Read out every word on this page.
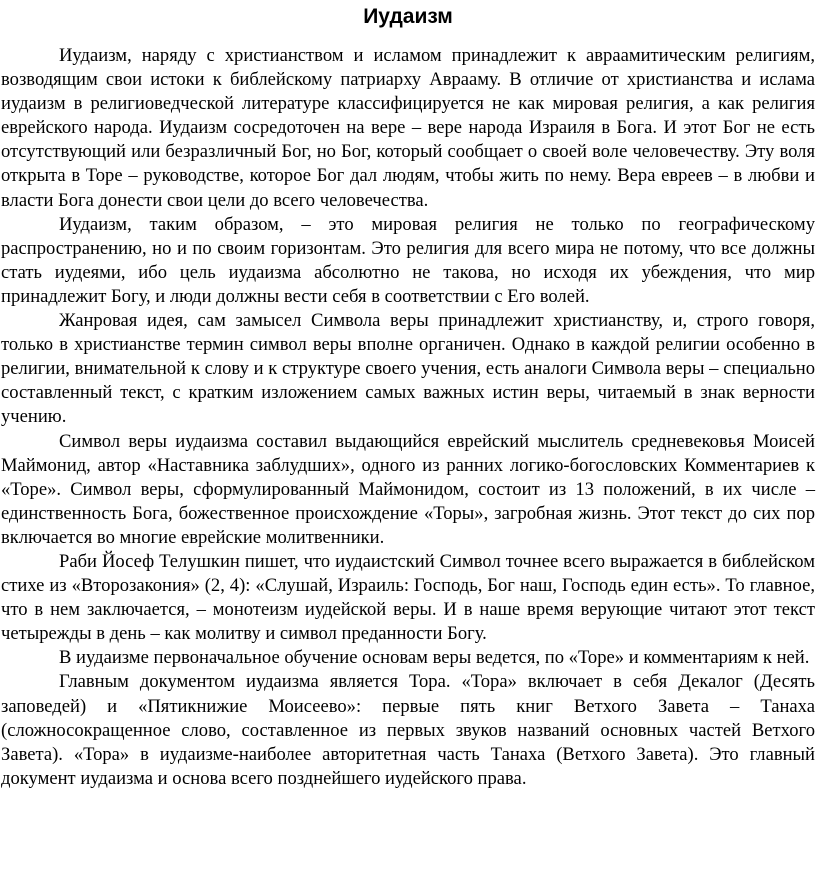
Иудаизм

Иудаизм, наряду с христианством и исламом принадлежит к авраамитическим религиям, возводящим свои истоки к библейскому патриарху Аврааму. В отличие от христианства и ислама иудаизм в религиоведческой литературе классифицируется не как мировая религия, а как религия еврейского народа. Иудаизм сосредоточен на вере – вере народа Израиля в Бога. И этот Бог не есть отсутствующий или безразличный Бог, но Бог, который сообщает о своей воле человечеству. Эту воля открыта в Торе – руководстве, которое Бог дал людям, чтобы жить по нему. Вера евреев – в любви и власти Бога донести свои цели до всего человечества.

Иудаизм, таким образом, – это мировая религия не только по географическому распространению, но и по своим горизонтам. Это религия для всего мира не потому, что все должны стать иудеями, ибо цель иудаизма абсолютно не такова, но исходя их убеждения, что мир принадлежит Богу, и люди должны вести себя в соответствии с Его волей.

Жанровая идея, сам замысел Символа веры принадлежит христианству, и, строго говоря, только в христианстве термин символ веры вполне органичен. Однако в каждой религии особенно в религии, внимательной к слову и к структуре своего учения, есть аналоги Символа веры – специально составленный текст, с кратким изложением самых важных истин веры, читаемый в знак верности учению.

Символ веры иудаизма составил выдающийся еврейский мыслитель средневековья Моисей Маймонид, автор «Наставника заблудших», одного из ранних логико-богословских Комментариев к «Торе». Символ веры, сформулированный Маймонидом, состоит из 13 положений, в их числе – единственность Бога, божественное происхождение «Торы», загробная жизнь. Этот текст до сих пор включается во многие еврейские молитвенники.

Раби Йосеф Телушкин пишет, что иудаистский Символ точнее всего выражается в библейском стихе из «Второзакония» (2, 4): «Слушай, Израиль: Господь, Бог наш, Господь един есть». То главное, что в нем заключается, – монотеизм иудейской веры. И в наше время верующие читают этот текст четырежды в день – как молитву и символ преданности Богу.

В иудаизме первоначальное обучение основам веры ведется, по «Торе» и комментариям к ней.

Главным документом иудаизма является Тора. «Тора» включает в себя Декалог (Десять заповедей) и «Пятикнижие Моисеево»: первые пять книг Ветхого Завета – Танаха (сложносокращенное слово, составленное из первых звуков названий основных частей Ветхого Завета). «Тора» в иудаизме-наиболее авторитетная часть Танаха (Ветхого Завета). Это главный документ иудаизма и основа всего позднейшего иудейского права.
